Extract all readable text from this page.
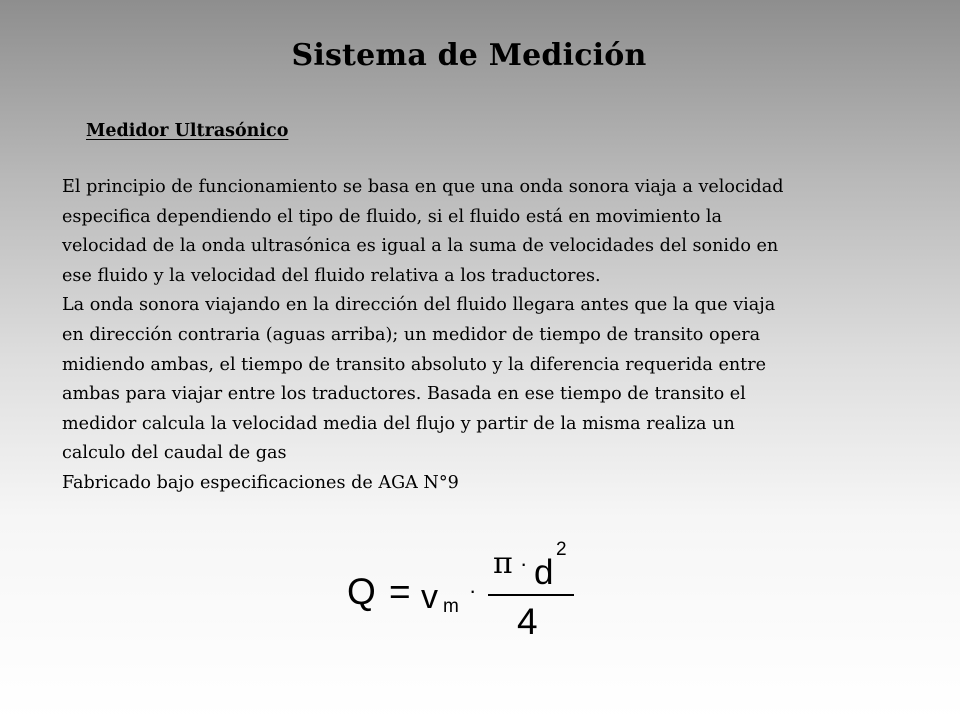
Sistema de Medición
Medidor Ultrasónico

El principio de funcionamiento se basa en que una onda sonora viaja a velocidad

especifica dependiendo el tipo de fluido, si el fluido está en movimiento la

velocidad de la onda ultrasónica es igual a la suma de velocidades del sonido en

ese fluido y la velocidad del fluido relativa a los traductores.

La onda sonora viajando en la dirección del fluido llegara antes que la que viaja

en dirección contraria (aguas arriba); un medidor de tiempo de transito opera

midiendo ambas, el tiempo de transito absoluto y la diferencia requerida entre

ambas para viajar entre los traductores. Basada en ese tiempo de transito el

medidor calcula la velocidad media del flujo y partir de la misma realiza un

calculo del caudal de gas

Fabricado bajo especificaciones de AGA N°9

Q = v m
·
π · d
2
4
